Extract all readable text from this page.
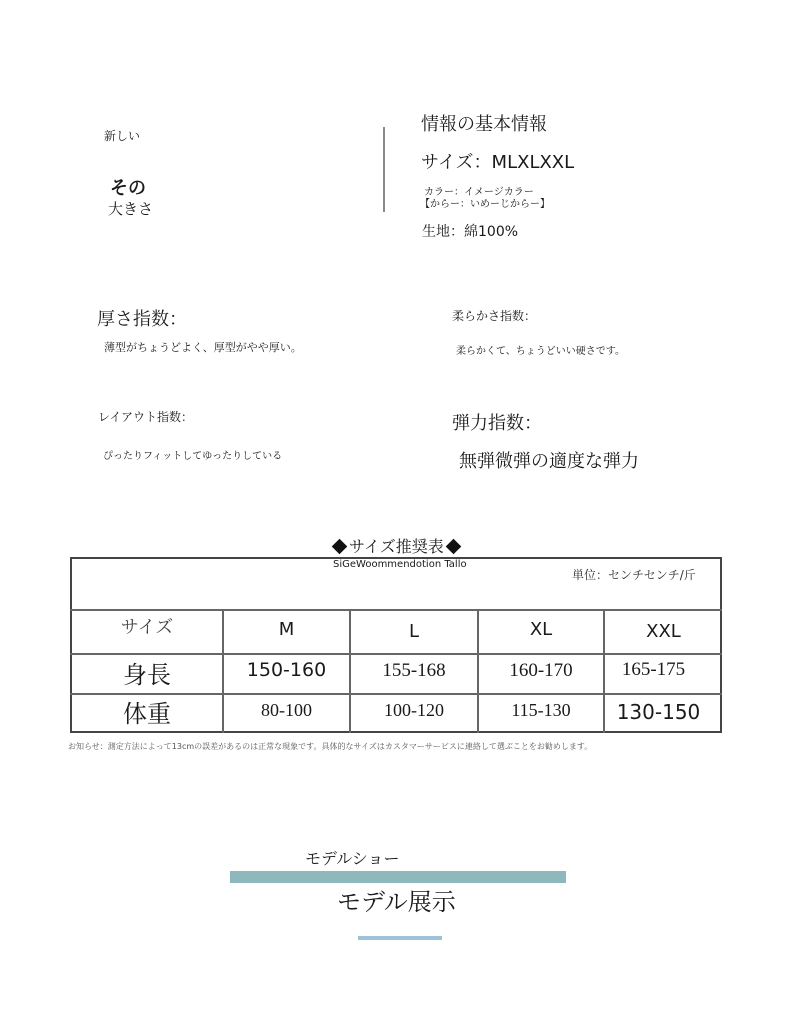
新しい
その
大きさ
情報の基本情報
サイズ：MLXLXXL
カラー：イメージカラー
【からー：いめーじからー】
生地：綿100%
厚さ指数：
薄型がちょうどよく、厚型がやや厚い。
柔らかさ指数：
柔らかくて、ちょうどいい硬さです。
レイアウト指数：
ぴったりフィットしてゆったりしている
弾力指数：
無弾微弾の適度な弾力
サイズ推奨表
SiGeWoommendotion Tallo
単位：センチセンチ/斤
サイズ	M	L	XL	XXL
身長	150-160	155-168	160-170	165-175
体重	80-100	100-120	115-130	130-150
お知らせ：測定方法によって13cmの誤差があるのは正常な現象です。具体的なサイズはカスタマーサービスに連絡して選ぶことをお勧めします。
モデルショー
モデル展示
